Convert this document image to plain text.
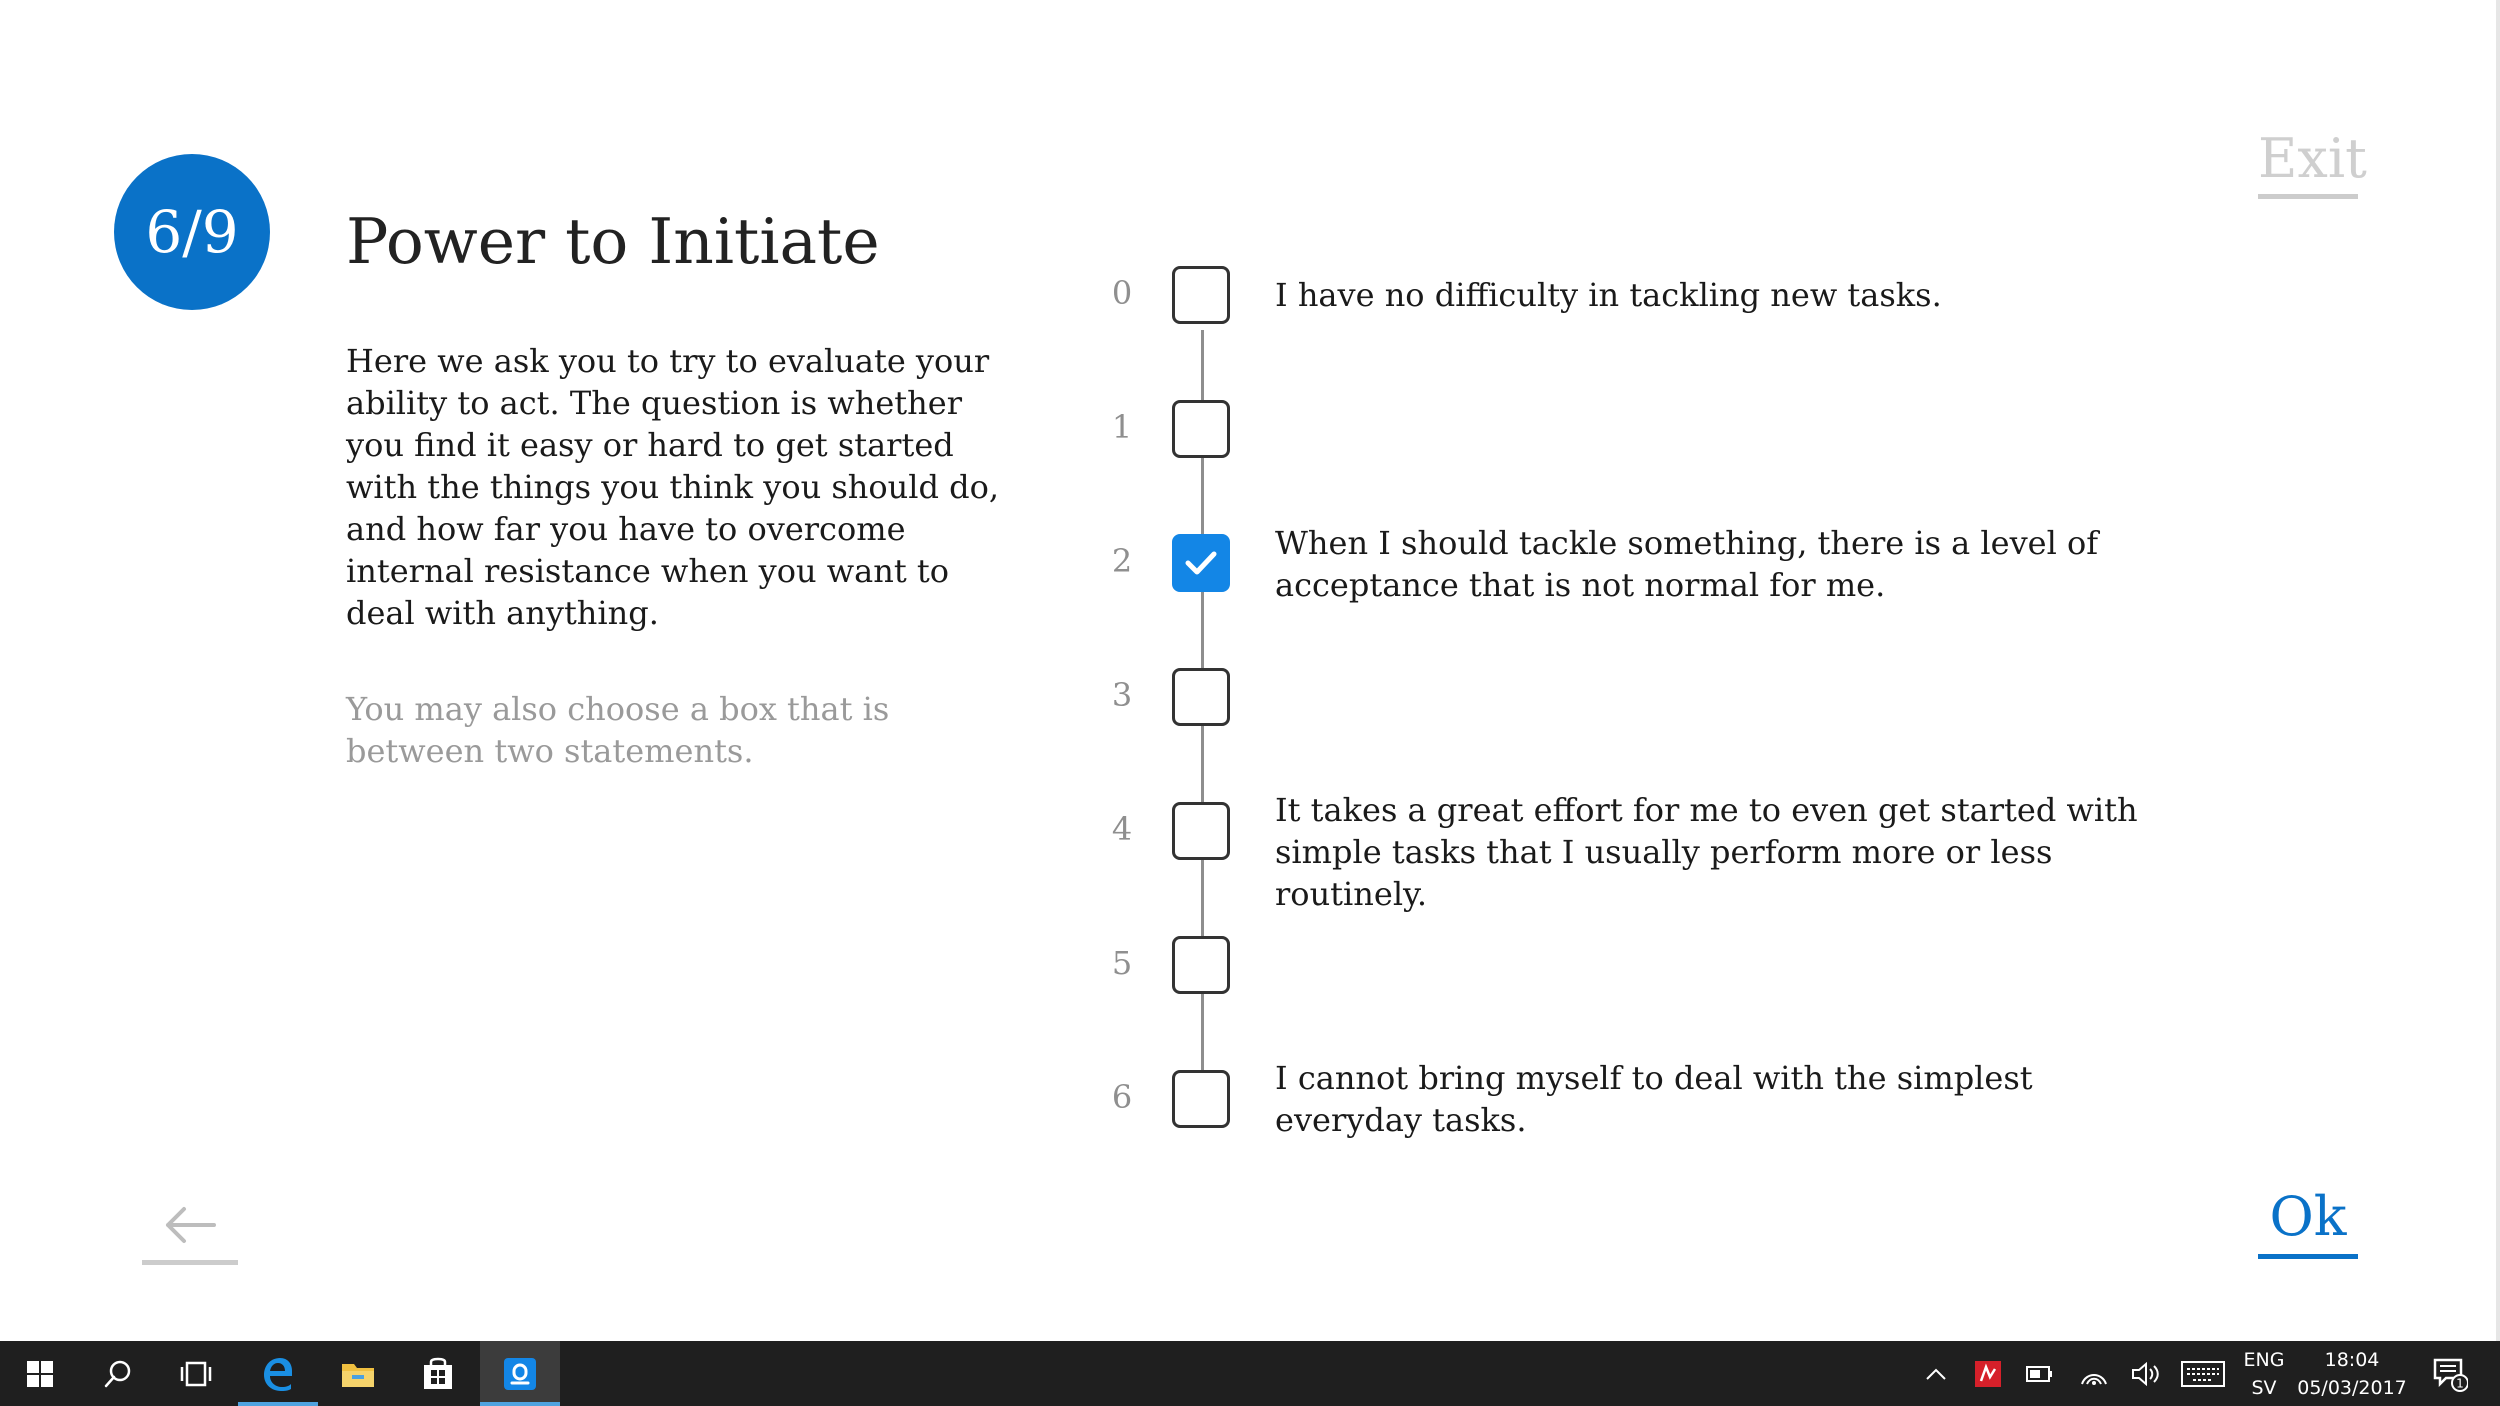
6/9 Power to Initiate
Here we ask you to try to evaluate your ability to act. The question is whether you find it easy or hard to get started with the things you think you should do, and how far you have to overcome internal resistance when you want to deal with anything.
You may also choose a box that is between two statements.
Exit
0	I have no difficulty in tackling new tasks.
1
2	When I should tackle something, there is a level of acceptance that is not normal for me.
3
4	It takes a great effort for me to even get started with simple tasks that I usually perform more or less routinely.
5
6	I cannot bring myself to deal with the simplest everyday tasks.
Ok
ENG
SV
18:04
05/03/2017	1
